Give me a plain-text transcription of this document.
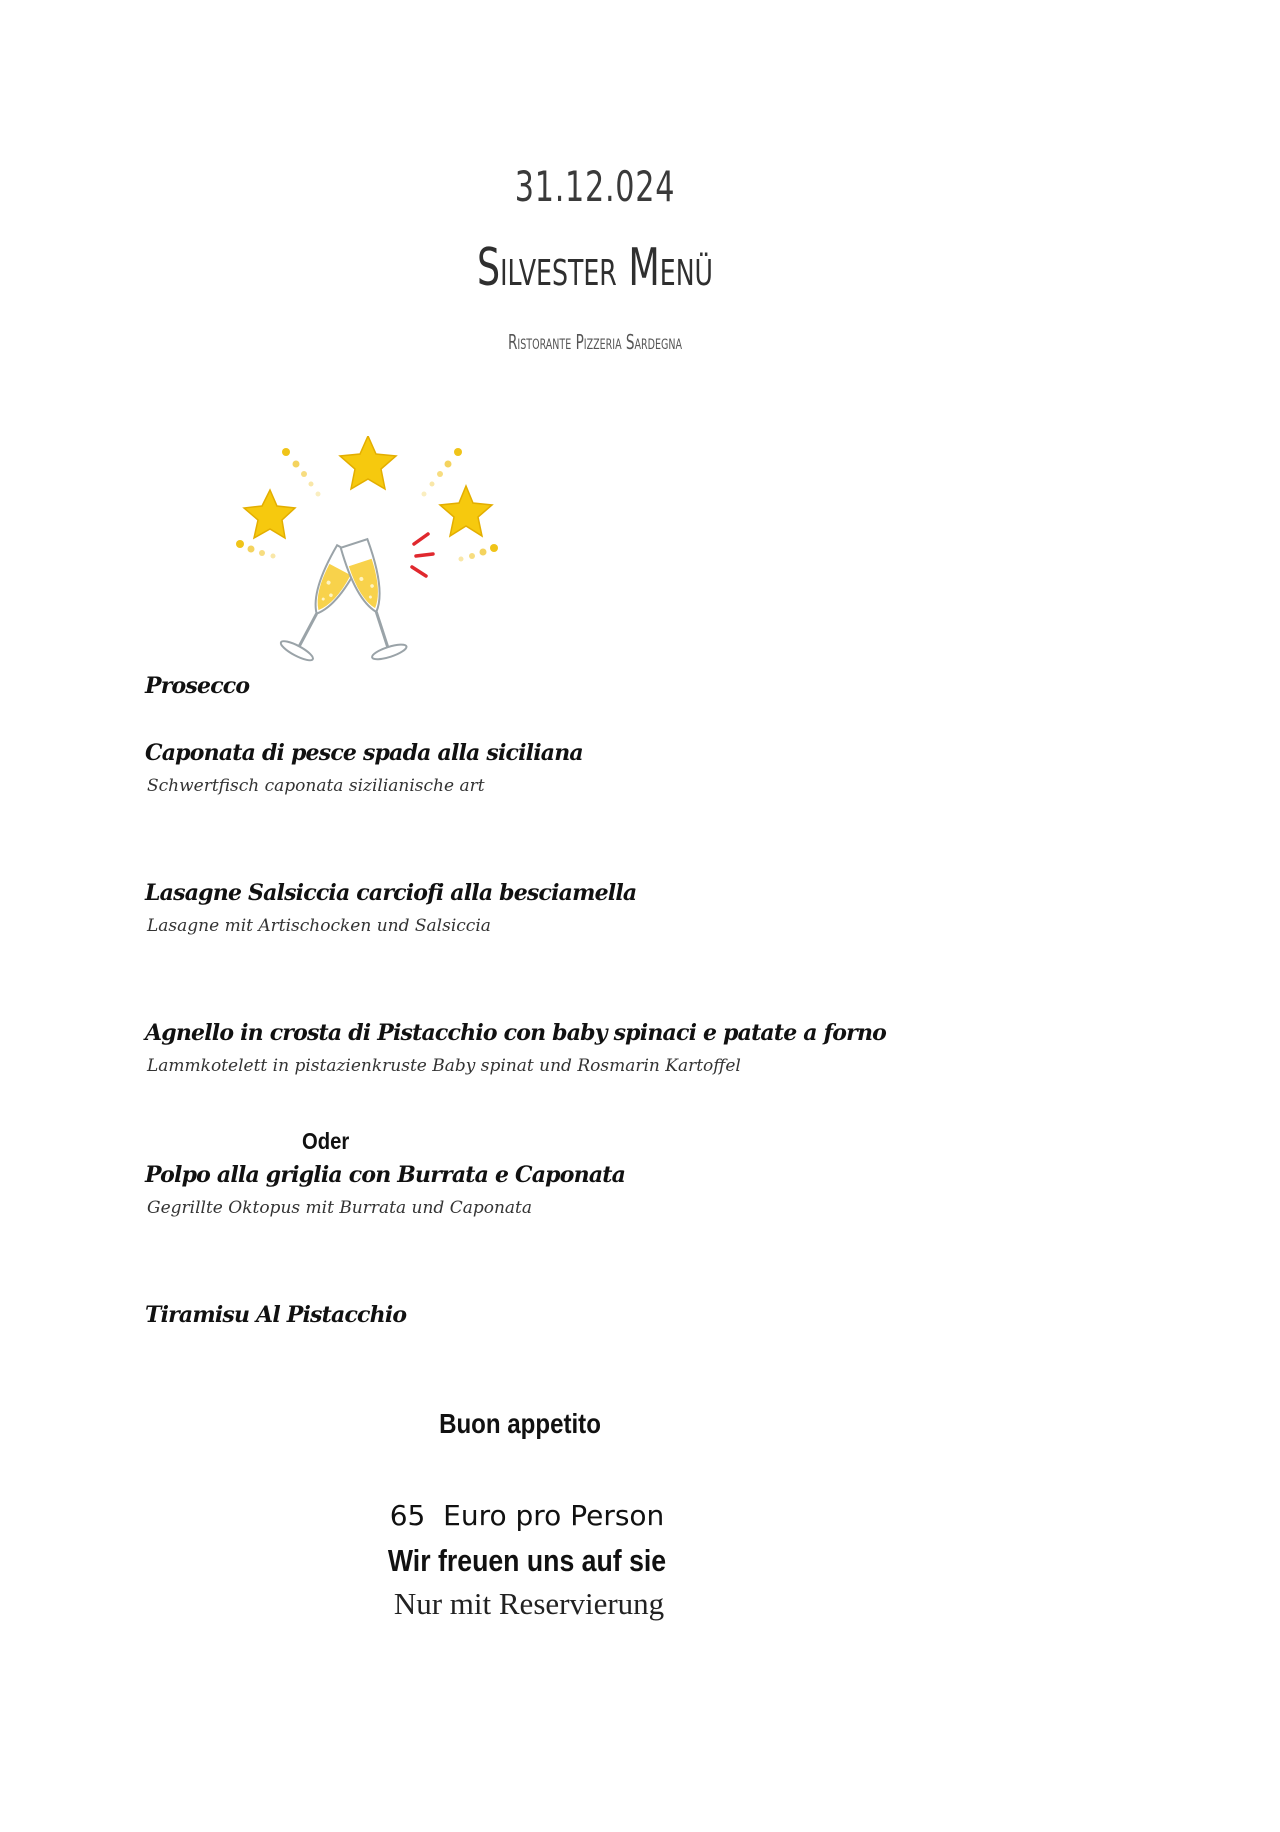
31.12.024
Silvester Menü
Ristorante Pizzeria Sardegna
Prosecco
Caponata di pesce spada alla siciliana
Schwertfisch caponata sizilianische art
Lasagne Salsiccia carciofi alla besciamella
Lasagne mit Artischocken und Salsiccia
Agnello in crosta di Pistacchio con baby spinaci e patate a forno
Lammkotelett in pistazienkruste Baby spinat und Rosmarin Kartoffel
Oder
Polpo alla griglia con Burrata e Caponata
Gegrillte Oktopus mit Burrata und Caponata
Tiramisu Al Pistacchio
Buon appetito
65  Euro pro Person
Wir freuen uns auf sie
Nur mit Reservierung
